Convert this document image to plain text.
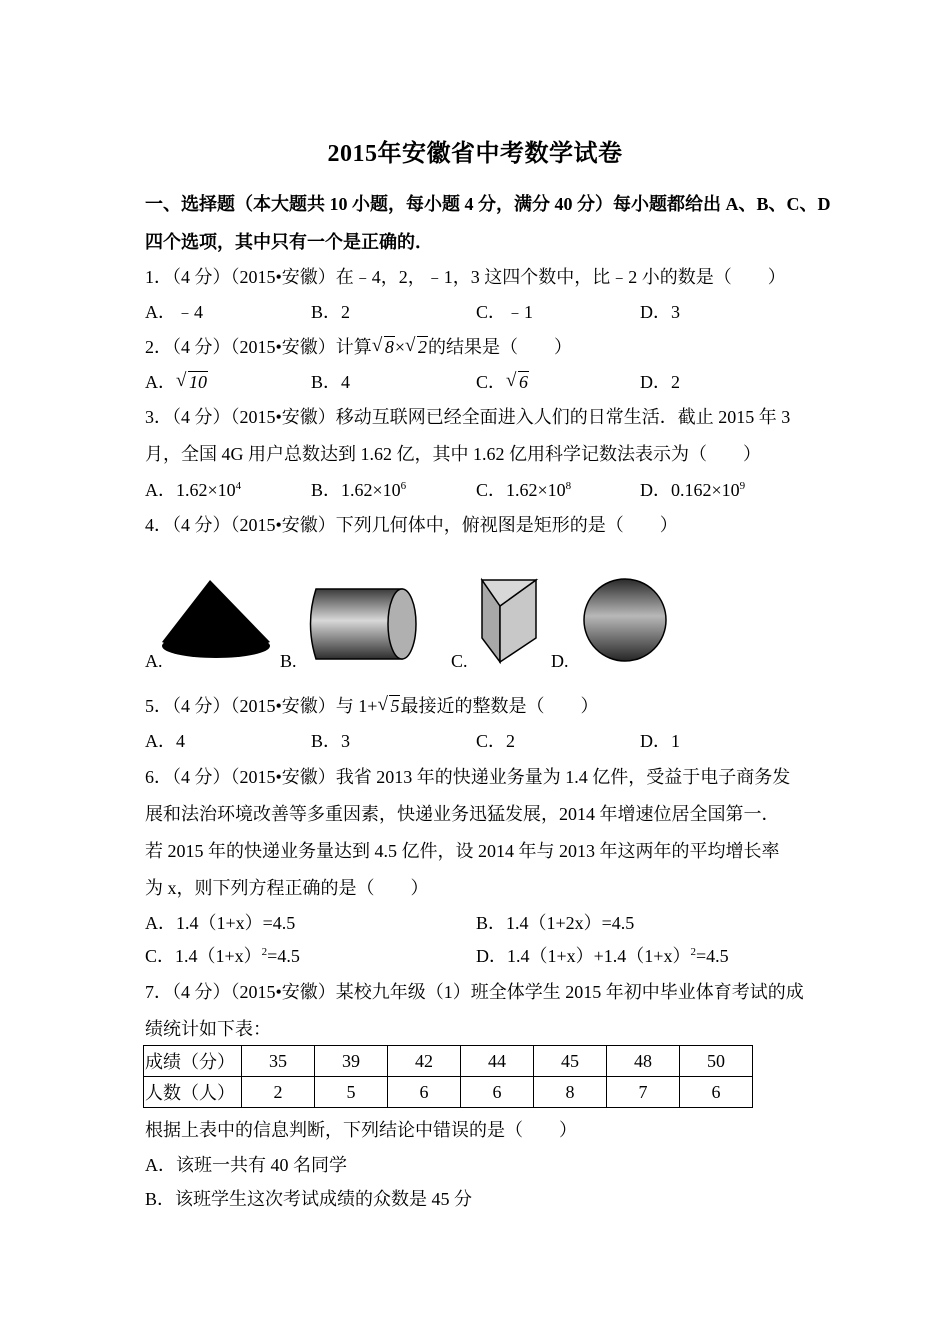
2015年安徽省中考数学试卷
一、选择题（本大题共 10 小题，每小题 4 分，满分 40 分）每小题都给出 A、B、C、D
四个选项，其中只有一个是正确的．
1．（4 分）（2015•安徽）在﹣4，2，﹣1，3 这四个数中，比﹣2 小的数是（　　）
A．﹣4	B．2	C．﹣1	D．3
2．（4 分）（2015•安徽）计算 √ 8× √ 2的结果是（　　）
A． √ 10	B．4	C． √ 6	D．2
3．（4 分）（2015•安徽）移动互联网已经全面进入人们的日常生活．截止 2015 年 3
月，全国 4G 用户总数达到 1.62 亿，其中 1.62 亿用科学记数法表示为（　　）
A．$1.62\times 10^4$	B．$1.62\times 10^6$	C．$1.62\times 10^8$	D．$0.162\times 10^9$
4．（4 分）（2015•安徽）下列几何体中，俯视图是矩形的是（　　）
A.	B.	C.	D.
5．（4 分）（2015•安徽）与 1+ √ 5最接近的整数是（　　）
A．4	B．3	C．2	D．1
6．（4 分）（2015•安徽）我省 2013 年的快递业务量为 1.4 亿件，受益于电子商务发
展和法治环境改善等多重因素，快递业务迅猛发展，2014 年增速位居全国第一．
若 2015 年的快递业务量达到 4.5 亿件，设 2014 年与 2013 年这两年的平均增长率
为 x，则下列方程正确的是（　　）
A．1.4（1+x）=4.5	B．1.4（1+2x）=4.5
C．$1.4(1+x)^2=4.5$	D．$1.4(1+x)+1.4(1+x)^2=4.5$
7．（4 分）（2015•安徽）某校九年级（1）班全体学生 2015 年初中毕业体育考试的成
绩统计如下表：
成绩（分）	35	39	42	44	45	48	50
人数（人）	2	5	6	6	8	7	6
根据上表中的信息判断，下列结论中错误的是（　　）
A．该班一共有 40 名同学
B．该班学生这次考试成绩的众数是 45 分
